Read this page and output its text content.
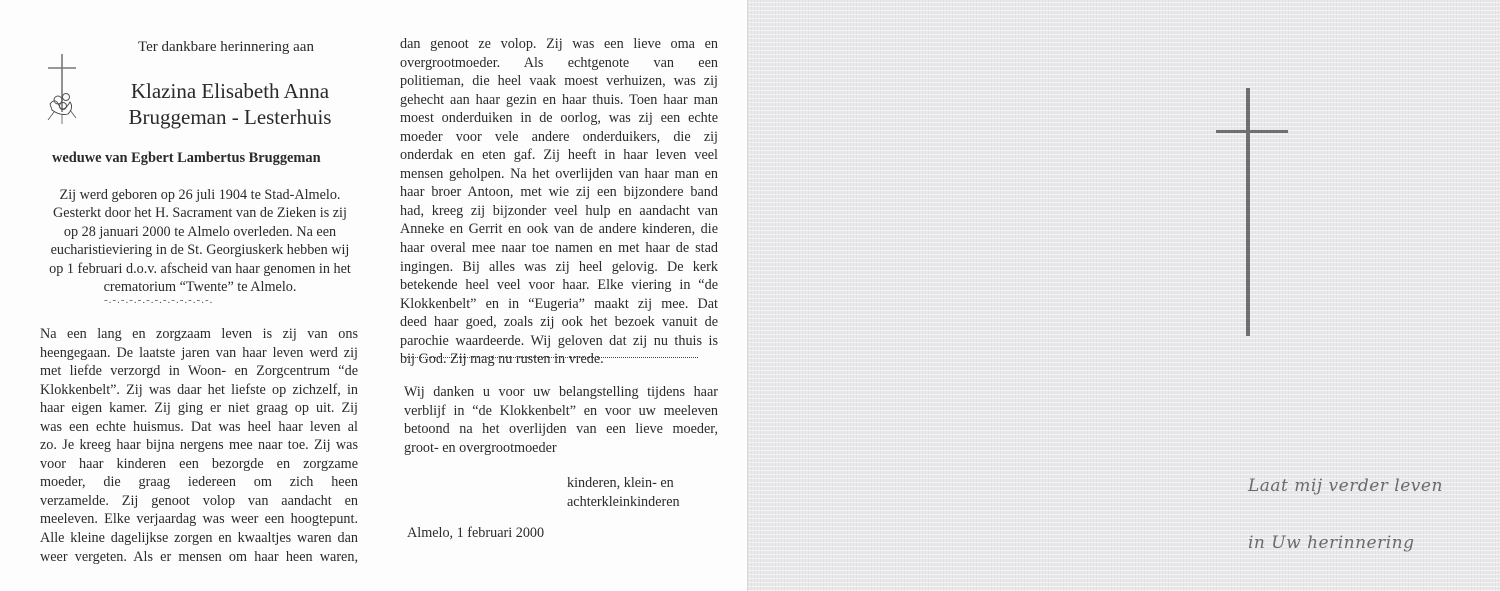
Ter dankbare herinnering aan
Klazina Elisabeth Anna
Bruggeman - Lesterhuis
weduwe van Egbert Lambertus Bruggeman
Zij werd geboren op 26 juli 1904 te Stad-Almelo.
Gesterkt door het H. Sacrament van de Zieken is zij
op 28 januari 2000 te Almelo overleden. Na een
eucharistieviering in de St. Georgiuskerk hebben wij
op 1 februari d.o.v. afscheid van haar genomen in het
crematorium “Twente” te Almelo.
-.-.-.-.-.-.-.-.-.-.-.-.-.
Na een lang en zorgzaam leven is zij van ons
heengegaan. De laatste jaren van haar leven werd zij
met liefde verzorgd in Woon- en Zorgcentrum “de
Klokkenbelt”. Zij was daar het liefste op zichzelf, in
haar eigen kamer. Zij ging er niet graag op uit. Zij
was een echte huismus. Dat was heel haar leven al
zo. Je kreeg haar bijna nergens mee naar toe. Zij was
voor haar kinderen een bezorgde en zorgzame
moeder, die graag iedereen om zich heen
verzamelde. Zij genoot volop van aandacht en
meeleven. Elke verjaardag was weer een hoogtepunt.
Alle kleine dagelijkse zorgen en kwaaltjes waren dan
weer vergeten. Als er mensen om haar heen waren,
dan genoot ze volop. Zij was een lieve oma en
overgrootmoeder. Als echtgenote van een
politieman, die heel vaak moest verhuizen, was zij
gehecht aan haar gezin en haar thuis. Toen haar man
moest onderduiken in de oorlog, was zij een echte
moeder voor vele andere onderduikers, die zij
onderdak en eten gaf. Zij heeft in haar leven veel
mensen geholpen. Na het overlijden van haar man en
haar broer Antoon, met wie zij een bijzondere band
had, kreeg zij bijzonder veel hulp en aandacht van
Anneke en Gerrit en ook van de andere kinderen, die
haar overal mee naar toe namen en met haar de stad
ingingen. Bij alles was zij heel gelovig. De kerk
betekende heel veel voor haar. Elke viering in “de
Klokkenbelt” en in “Eugeria” maakt zij mee. Dat
deed haar goed, zoals zij ook het bezoek vanuit de
parochie waardeerde. Wij geloven dat zij nu thuis is
bij God. Zij mag nu rusten in vrede.
Wij danken u voor uw belangstelling tijdens haar
verblijf in “de Klokkenbelt” en voor uw meeleven
betoond na het overlijden van een lieve moeder,
groot- en overgrootmoeder
kinderen, klein- en
achterkleinkinderen
Almelo, 1 februari 2000
Laat mij verder leven
in Uw herinnering
